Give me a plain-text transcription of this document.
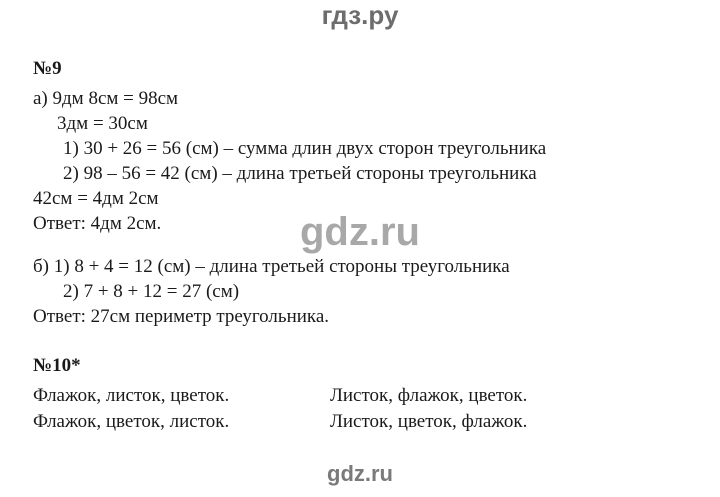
гдз.ру
№9
а) 9дм 8см = 98см
3дм = 30см
1) 30 + 26 = 56 (см) – сумма длин двух сторон треугольника
2) 98 – 56 = 42 (см) – длина третьей стороны треугольника
42см = 4дм 2см
Ответ: 4дм 2см.
б) 1) 8 + 4 = 12 (см) – длина третьей стороны треугольника
2) 7 + 8 + 12 = 27 (см)
Ответ: 27см периметр треугольника.
№10*
Флажок, листок, цветок.	Листок, флажок, цветок.
Флажок, цветок, листок.	Листок, цветок, флажок.
gdz.ru
gdz.ru
